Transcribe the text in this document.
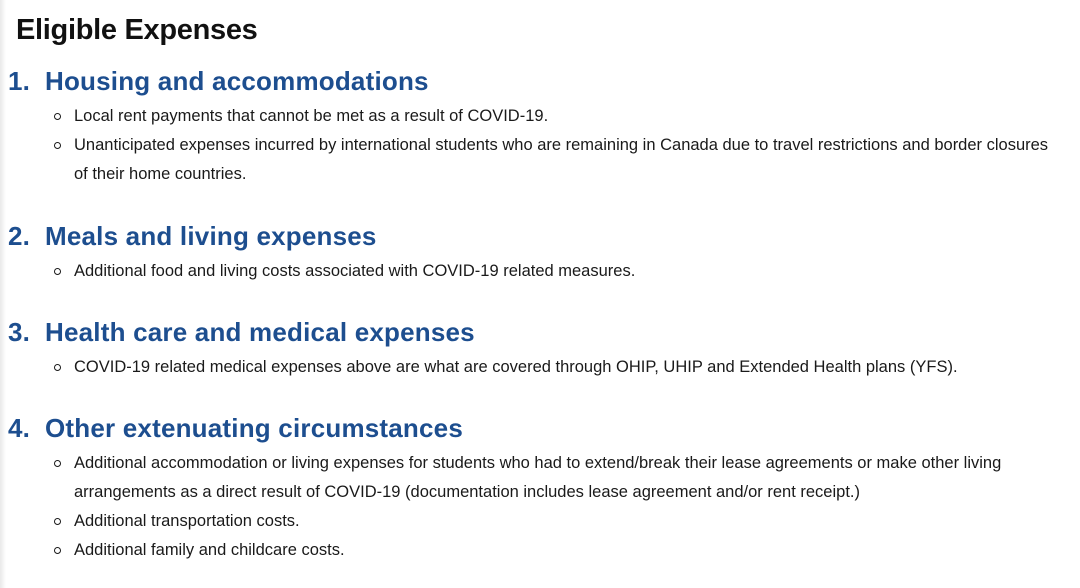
Eligible Expenses
1. Housing and accommodations
Local rent payments that cannot be met as a result of COVID-19.
Unanticipated expenses incurred by international students who are remaining in Canada due to travel restrictions and border closures of their home countries.
2. Meals and living expenses
Additional food and living costs associated with COVID-19 related measures.
3. Health care and medical expenses
COVID-19 related medical expenses above are what are covered through OHIP, UHIP and Extended Health plans (YFS).
4. Other extenuating circumstances
Additional accommodation or living expenses for students who had to extend/break their lease agreements or make other living arrangements as a direct result of COVID-19 (documentation includes lease agreement and/or rent receipt.)
Additional transportation costs.
Additional family and childcare costs.
